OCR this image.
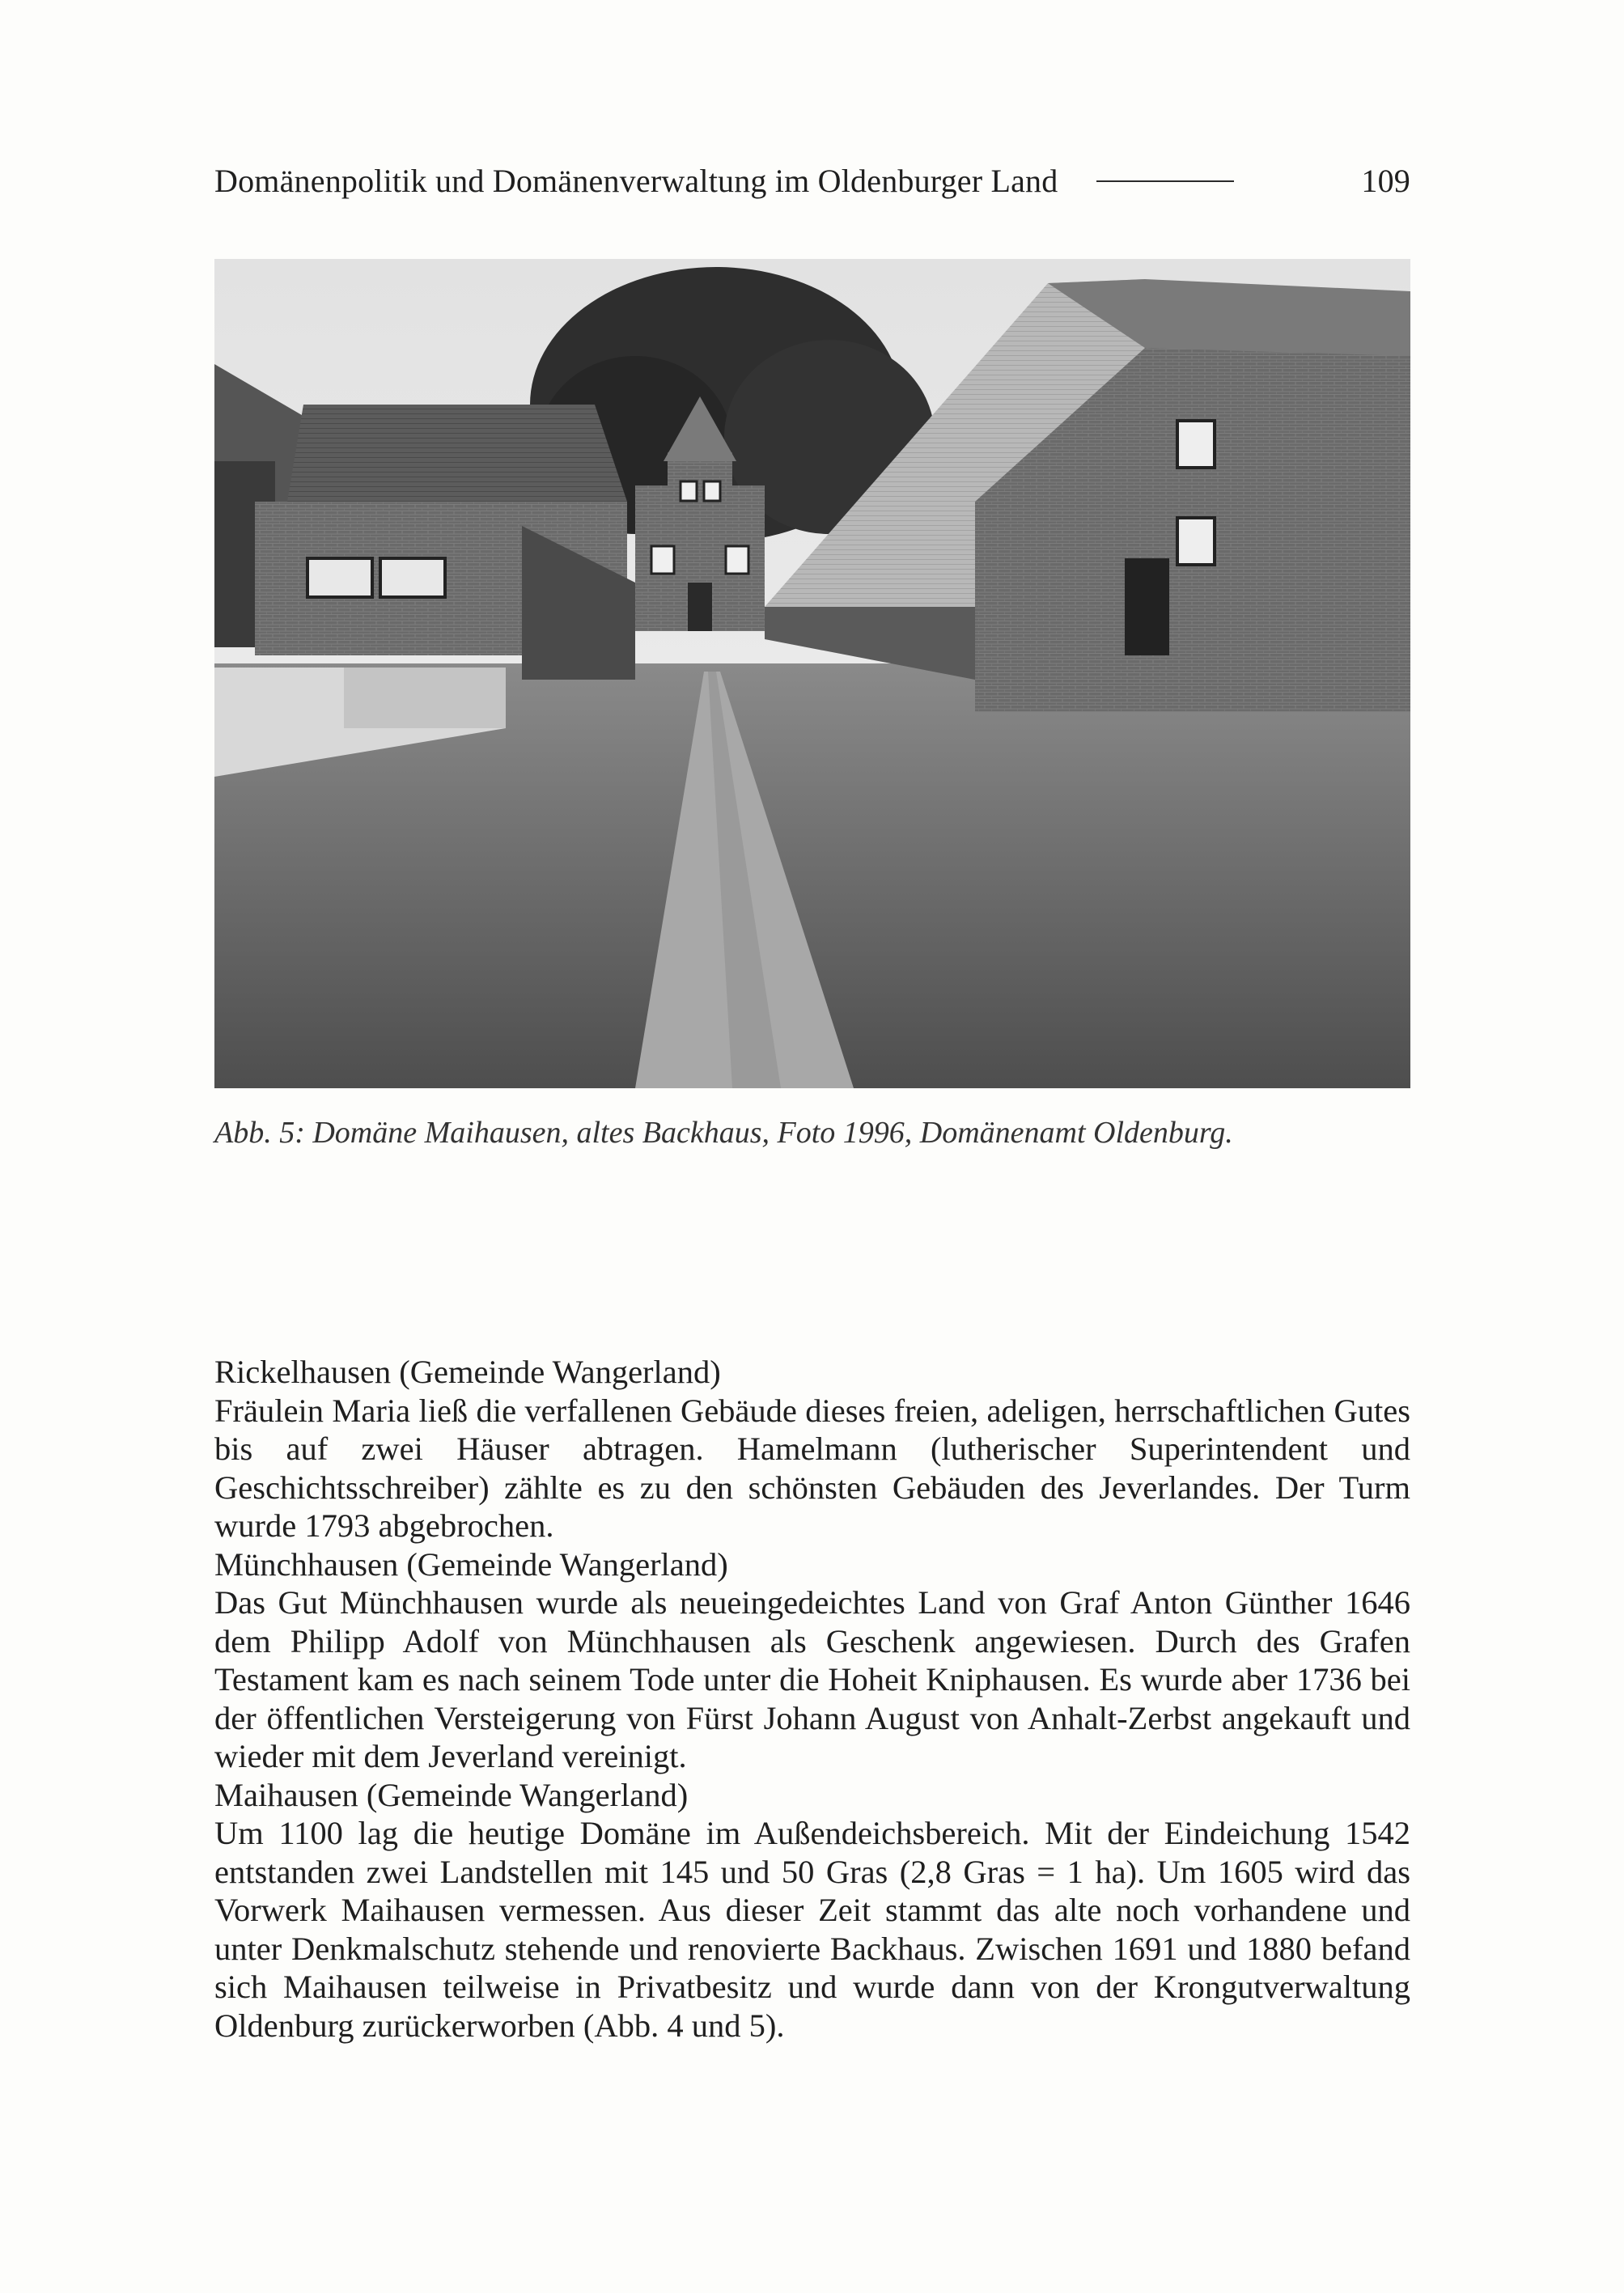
Domänenpolitik und Domänenverwaltung im Oldenburger Land	109
Abb. 5: Domäne Maihausen, altes Backhaus, Foto 1996, Domänenamt Oldenburg.

Rickelhausen (Gemeinde Wangerland)

Fräulein Maria ließ die verfallenen Gebäude dieses freien, adeligen, herrschaftlichen Gutes bis auf zwei Häuser abtragen. Hamelmann (lutherischer Superintendent und Geschichtsschreiber) zählte es zu den schönsten Gebäuden des Jeverlandes. Der Turm wurde 1793 abgebrochen.

Münchhausen (Gemeinde Wangerland)

Das Gut Münchhausen wurde als neueingedeichtes Land von Graf Anton Günther 1646 dem Philipp Adolf von Münchhausen als Geschenk angewiesen. Durch des Grafen Testament kam es nach seinem Tode unter die Hoheit Kniphausen. Es wurde aber 1736 bei der öffentlichen Versteigerung von Fürst Johann August von Anhalt-Zerbst angekauft und wieder mit dem Jeverland vereinigt.

Maihausen (Gemeinde Wangerland)

Um 1100 lag die heutige Domäne im Außendeichsbereich. Mit der Eindeichung 1542 entstanden zwei Landstellen mit 145 und 50 Gras (2,8 Gras = 1 ha). Um 1605 wird das Vorwerk Maihausen vermessen. Aus dieser Zeit stammt das alte noch vorhandene und unter Denkmalschutz stehende und renovierte Backhaus. Zwischen 1691 und 1880 befand sich Maihausen teilweise in Privatbesitz und wurde dann von der Krongutverwaltung Oldenburg zurückerworben (Abb. 4 und 5).
